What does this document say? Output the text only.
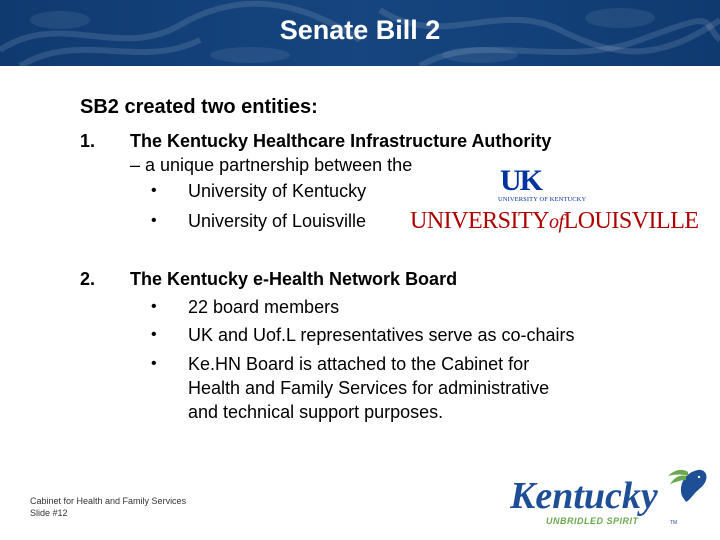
Senate Bill 2

SB2 created two entities:

1. The Kentucky Healthcare Infrastructure Authority
– a unique partnership between the
• University of Kentucky
• University of Louisville
UK
UNIVERSITY OF KENTUCKY
UNIVERSITYofLOUISVILLE
2. The Kentucky e-Health Network Board
• 22 board members
• UK and Uof.L representatives serve as co-chairs
• Ke.HN Board is attached to the Cabinet for
Health and Family Services for administrative
and technical support purposes.
Cabinet for Health and Family Services
Slide #12	Kentucky
UNBRIDLED SPIRIT	TM
